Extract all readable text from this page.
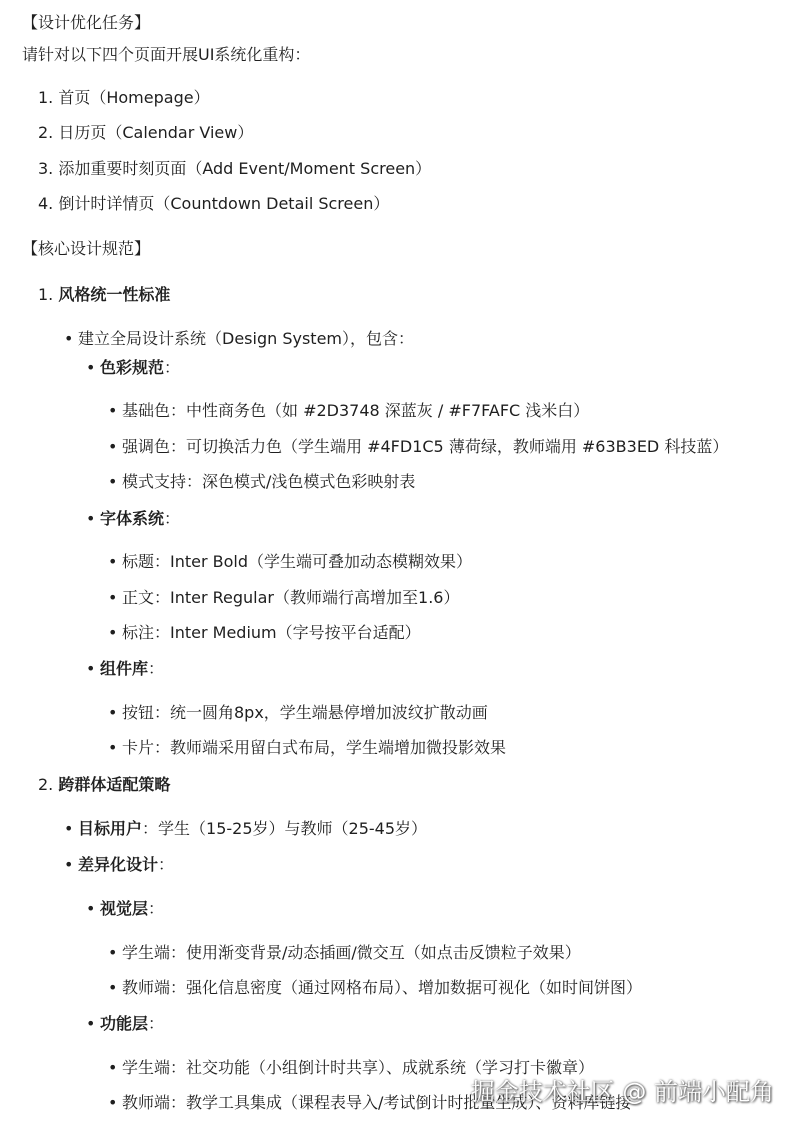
【设计优化任务】
请针对以下四个页面开展UI系统化重构：
1. 首页（Homepage）
2. 日历页（Calendar View）
3. 添加重要时刻页面（Add Event/Moment Screen）
4. 倒计时详情页（Countdown Detail Screen）
【核心设计规范】
1. 风格统一性标准
• 建立全局设计系统（Design System），包含：
• 色彩规范：
• 基础色：中性商务色（如 #2D3748 深蓝灰 / #F7FAFC 浅米白）
• 强调色：可切换活力色（学生端用 #4FD1C5 薄荷绿，教师端用 #63B3ED 科技蓝）
• 模式支持：深色模式/浅色模式色彩映射表
• 字体系统：
• 标题：Inter Bold（学生端可叠加动态模糊效果）
• 正文：Inter Regular（教师端行高增加至1.6）
• 标注：Inter Medium（字号按平台适配）
• 组件库：
• 按钮：统一圆角8px，学生端悬停增加波纹扩散动画
• 卡片：教师端采用留白式布局，学生端增加微投影效果
2. 跨群体适配策略
• 目标用户：学生（15-25岁）与教师（25-45岁）
• 差异化设计：
• 视觉层：
• 学生端：使用渐变背景/动态插画/微交互（如点击反馈粒子效果）
• 教师端：强化信息密度（通过网格布局）、增加数据可视化（如时间饼图）
• 功能层：
• 学生端：社交功能（小组倒计时共享）、成就系统（学习打卡徽章）
• 教师端：教学工具集成（课程表导入/考试倒计时批量生成）、资料库链接
掘金技术社区 @ 前端小配角
